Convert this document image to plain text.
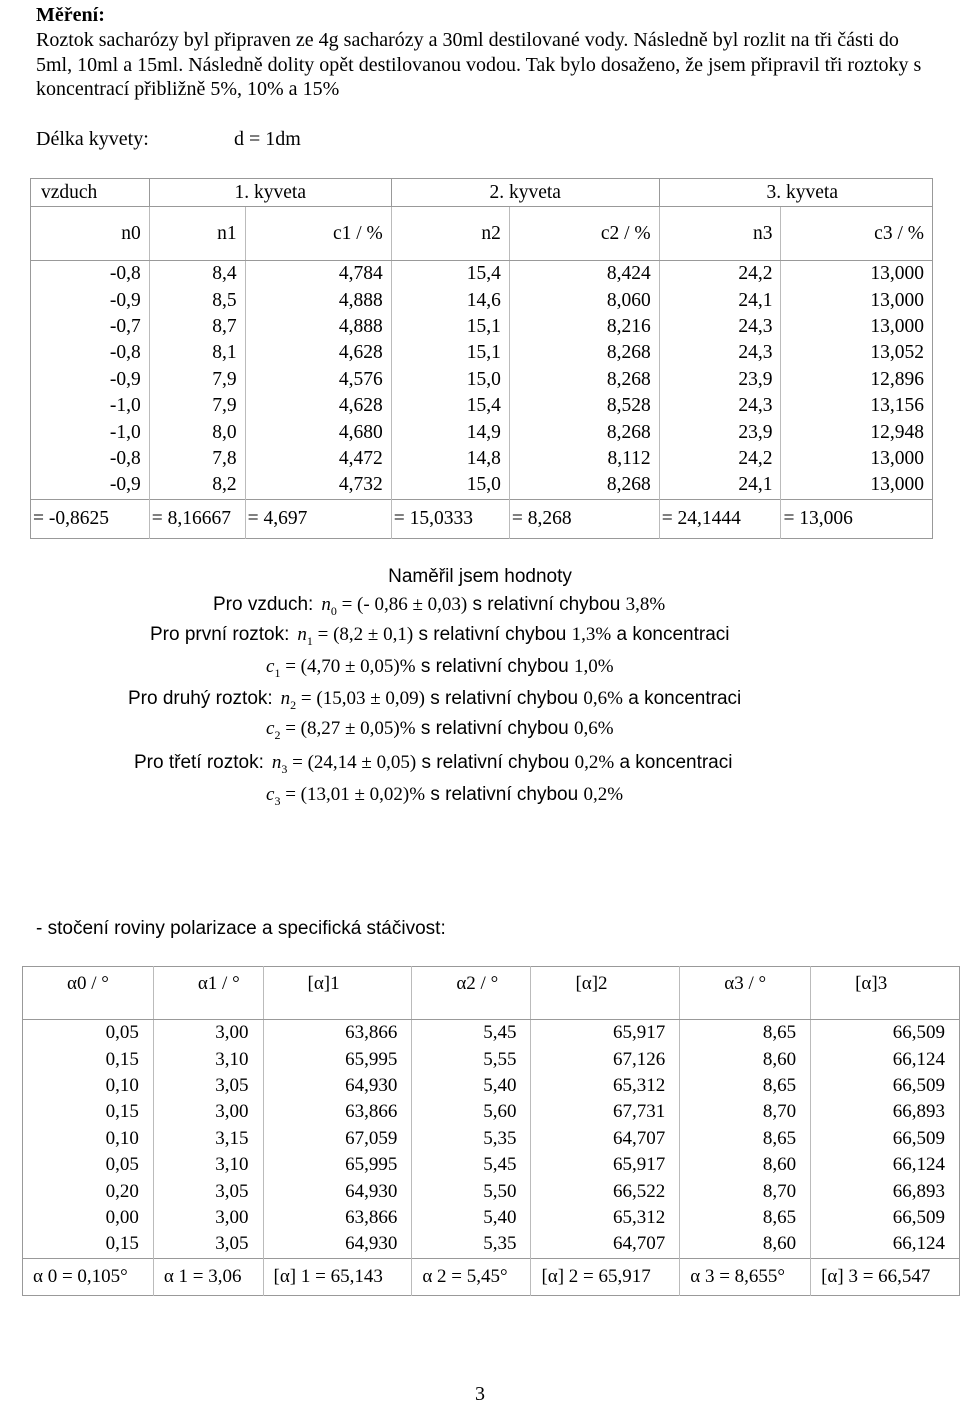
Měření:
Roztok sacharózy byl připraven ze 4g sacharózy a 30ml destilované vody. Následně byl rozlit na tři části do 5ml, 10ml a 15ml. Následně dolity opět destilovanou vodou. Tak bylo dosaženo, že jsem připravil tři roztoky s koncentrací přibližně 5%, 10% a 15%
Délka kyvety:	d = 1dm
vzduch	1. kyveta		2. kyveta		3. kyveta	
n0	n1	c1 / %	n2	c2 / %	n3	c3 / %
-0,8	8,4	4,784	15,4	8,424	24,2	13,000
-0,9	8,5	4,888	14,6	8,060	24,1	13,000
-0,7	8,7	4,888	15,1	8,216	24,3	13,000
-0,8	8,1	4,628	15,1	8,268	24,3	13,052
-0,9	7,9	4,576	15,0	8,268	23,9	12,896
-1,0	7,9	4,628	15,4	8,528	24,3	13,156
-1,0	8,0	4,680	14,9	8,268	23,9	12,948
-0,8	7,8	4,472	14,8	8,112	24,2	13,000
-0,9	8,2	4,732	15,0	8,268	24,1	13,000
= -0,8625	= 8,16667	= 4,697	= 15,0333	= 8,268	= 24,1444	= 13,006
Naměřil jsem hodnoty
Pro vzduch: $n_0$ = (- 0,86 ± 0,03) s relativní chybou 3,8%
Pro první roztok: $n_1 = (8,2 \pm 0,1)$ s relativní chybou 1,3% a koncentraci
$c_1 = (4,70 \pm 0,05)\%$ s relativní chybou 1,0%
Pro druhý roztok: $n_2 = (15,03 \pm 0,09)$ s relativní chybou 0,6% a koncentraci
$c_2 = (8,27 \pm 0,05)\%$ s relativní chybou 0,6%
Pro třetí roztok: $n_3 = (24,14 \pm 0,05)$ s relativní chybou 0,2% a koncentraci
$c_3 = (13,01 \pm 0,02)\%$ s relativní chybou 0,2%
- stočení roviny polarizace a specifická stáčivost:
α0 / °	α1 / °	[α]1	α2 / °	[α]2	α3 / °	[α]3

0,05	3,00	63,866	5,45	65,917	8,65	66,509
0,15	3,10	65,995	5,55	67,126	8,60	66,124
0,10	3,05	64,930	5,40	65,312	8,65	66,509
0,15	3,00	63,866	5,60	67,731	8,70	66,893
0,10	3,15	67,059	5,35	64,707	8,65	66,509
0,05	3,10	65,995	5,45	65,917	8,60	66,124
0,20	3,05	64,930	5,50	66,522	8,70	66,893
0,00	3,00	63,866	5,40	65,312	8,65	66,509
0,15	3,05	64,930	5,35	64,707	8,60	66,124
α 0 = 0,105°	α 1 = 3,06	[α] 1 = 65,143	α 2 = 5,45°	[α] 2 = 65,917	α 3 = 8,655°	[α] 3 = 66,547
3
